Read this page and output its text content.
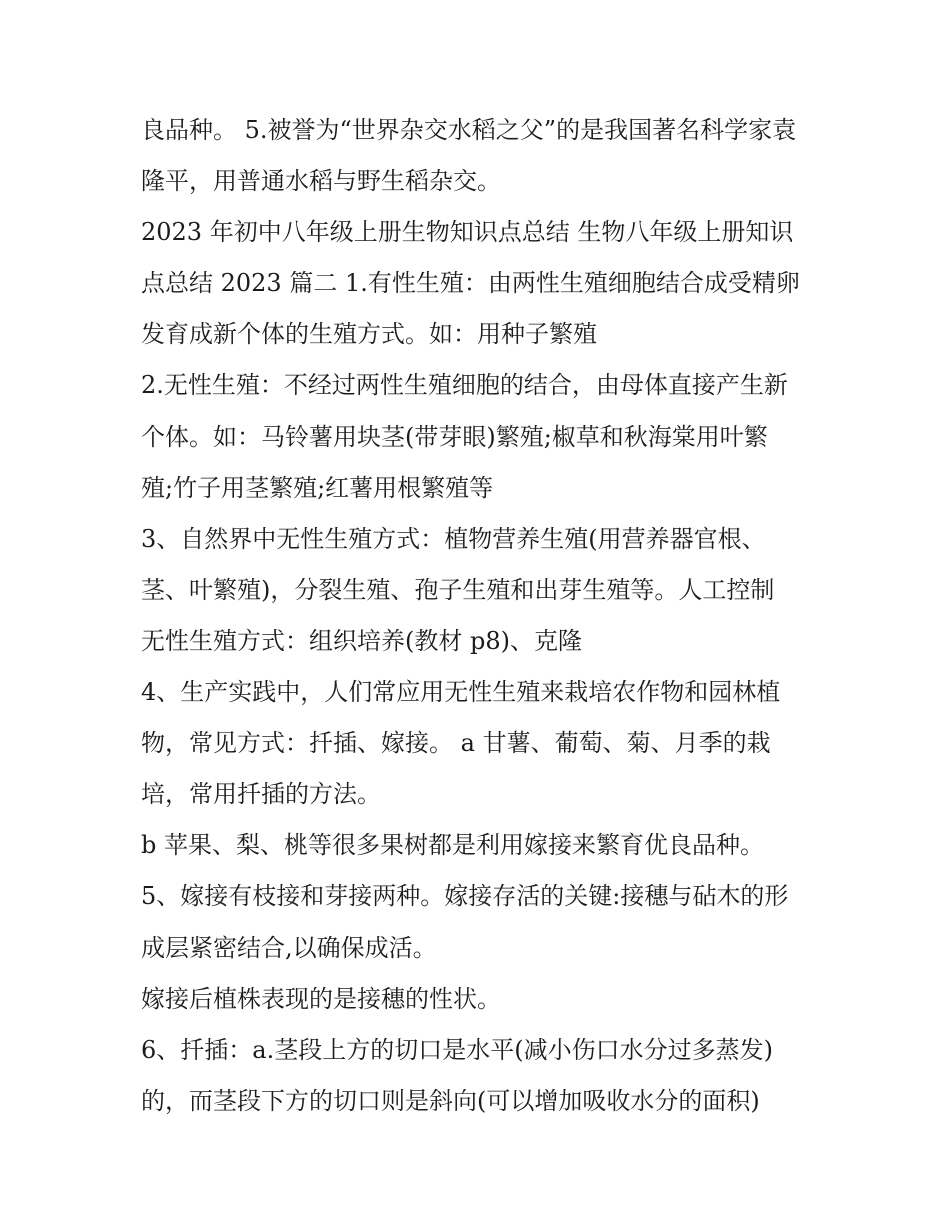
良品种。 5.被誉为“世界杂交水稻之父”的是我国著名科学家袁
隆平，用普通水稻与野生稻杂交。
2023 年初中八年级上册生物知识点总结 生物八年级上册知识
点总结 2023 篇二 1.有性生殖：由两性生殖细胞结合成受精卵
发育成新个体的生殖方式。如：用种子繁殖
2.无性生殖：不经过两性生殖细胞的结合，由母体直接产生新
个体。如：马铃薯用块茎(带芽眼)繁殖;椒草和秋海棠用叶繁
殖;竹子用茎繁殖;红薯用根繁殖等
3、自然界中无性生殖方式：植物营养生殖(用营养器官根、
茎、叶繁殖)，分裂生殖、孢子生殖和出芽生殖等。人工控制
无性生殖方式：组织培养(教材 p8)、克隆
4、生产实践中，人们常应用无性生殖来栽培农作物和园林植
物，常见方式：扦插、嫁接。 a 甘薯、葡萄、菊、月季的栽
培，常用扦插的方法。
b 苹果、梨、桃等很多果树都是利用嫁接来繁育优良品种。
5、嫁接有枝接和芽接两种。嫁接存活的关键:接穗与砧木的形
成层紧密结合,以确保成活。
嫁接后植株表现的是接穗的性状。
6、扦插：a.茎段上方的切口是水平(减小伤口水分过多蒸发)
的，而茎段下方的切口则是斜向(可以增加吸收水分的面积)
